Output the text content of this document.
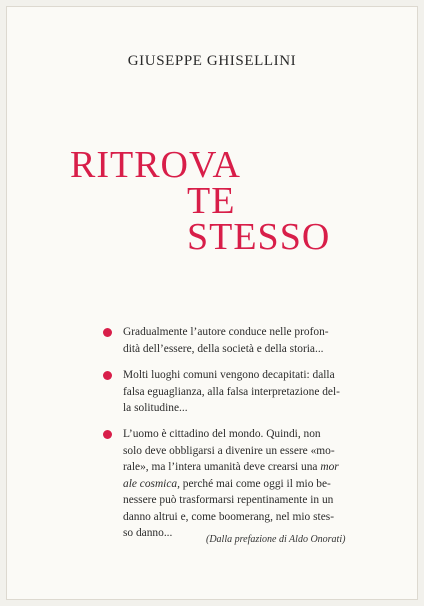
GIUSEPPE GHISELLINI
RITROVA
TE
STESSO
Gradualmente l’autore conduce nelle profon-
dità dell’essere, della società e della storia...
Molti luoghi comuni vengono decapitati: dalla
falsa eguaglianza, alla falsa interpretazione del-
la solitudine...
L’uomo è cittadino del mondo. Quindi, non
solo deve obbligarsi a divenire un essere «mo-
rale», ma l’intera umanità deve crearsi una mor
ale cosmica, perché mai come oggi il mio be-
nessere può trasformarsi repentinamente in un
danno altrui e, come boomerang, nel mio stes-
so danno...
(Dalla prefazione di Aldo Onorati)
